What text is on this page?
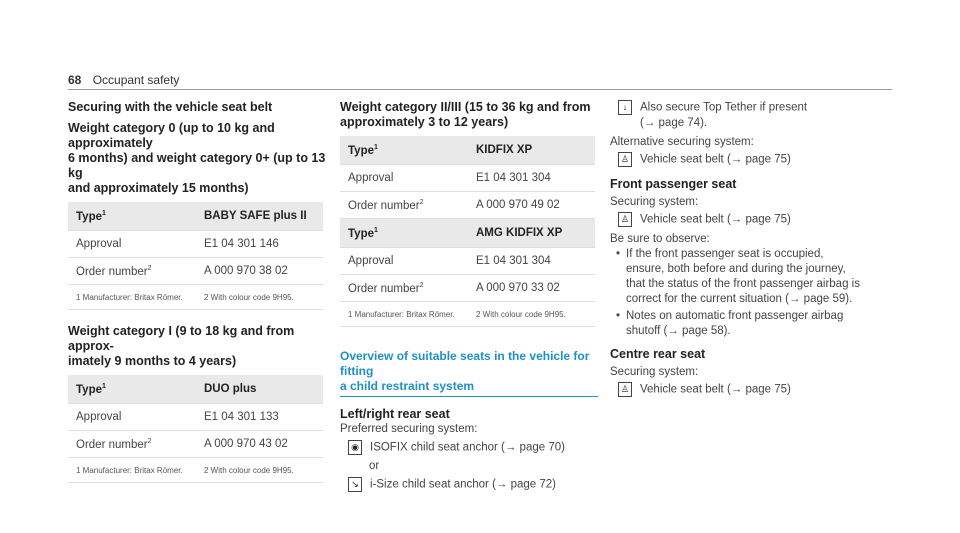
68 Occupant safety
Securing with the vehicle seat belt
Weight category 0 (up to 10 kg and approximately
6 months) and weight category 0+ (up to 13 kg
and approximately 15 months)
Type$^1$	BABY SAFE plus II
Approval	E1 04 301 146
Order number$^2$	A 000 970 38 02
1 Manufacturer: Britax Römer.	2 With colour code 9H95.
Weight category I (9 to 18 kg and from approx‐
imately 9 months to 4 years)
Type$^1$	DUO plus
Approval	E1 04 301 133
Order number$^2$	A 000 970 43 02
1 Manufacturer: Britax Römer.	2 With colour code 9H95.
Weight category II/III (15 to 36 kg and from
approximately 3 to 12 years)
Type$^1$	KIDFIX XP
Approval	E1 04 301 304
Order number$^2$	A 000 970 49 02
Type$^1$	AMG KIDFIX XP
Approval	E1 04 301 304
Order number$^2$	A 000 970 33 02
1 Manufacturer: Britax Römer.	2 With colour code 9H95.

Overview of suitable seats in the vehicle for fitting
a child restraint system

Left/right rear seat

Preferred securing system:

◉ ISOFIX child seat anchor (→ page 70)

or

↘ i-Size child seat anchor (→ page 72)

↓ Also secure Top Tether if present
(→ page 74).

Alternative securing system:

♙ Vehicle seat belt (→ page 75)

Front passenger seat

Securing system:

♙ Vehicle seat belt (→ page 75)

Be sure to observe:

• If the front passenger seat is occupied,
ensure, both before and during the journey,
that the status of the front passenger airbag is
correct for the current situation (→ page 59).

• Notes on automatic front passenger airbag
shutoff (→ page 58).

Centre rear seat

Securing system:

♙ Vehicle seat belt (→ page 75)
